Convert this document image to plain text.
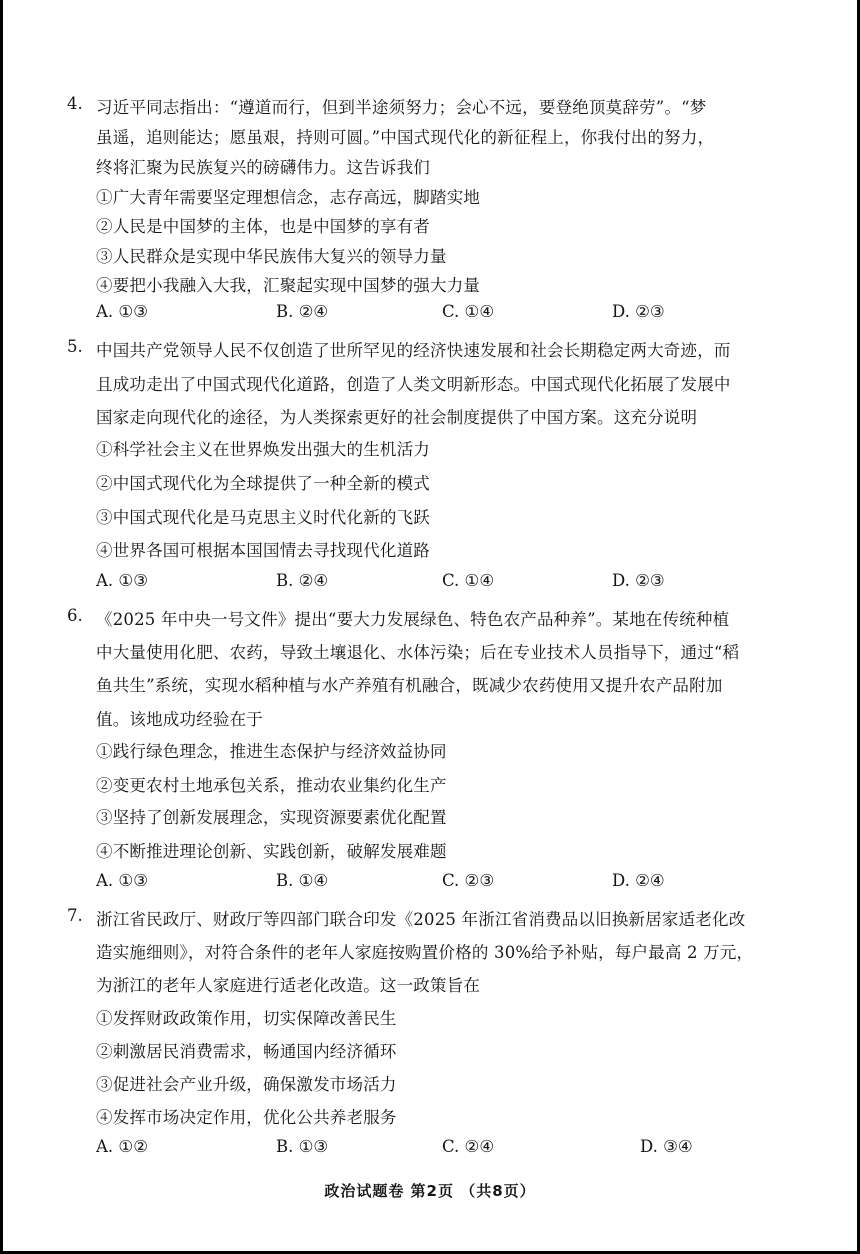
4. 习近平同志指出：“遵道而行，但到半途须努力；会心不远，要登绝顶莫辞劳”。“梦
虽遥，追则能达；愿虽艰，持则可圆。”中国式现代化的新征程上，你我付出的努力，
终将汇聚为民族复兴的磅礴伟力。这告诉我们
①广大青年需要坚定理想信念，志存高远，脚踏实地
②人民是中国梦的主体，也是中国梦的享有者
③人民群众是实现中华民族伟大复兴的领导力量
④要把小我融入大我，汇聚起实现中国梦的强大力量
A. ①③	B. ②④	C. ①④	D. ②③
5. 中国共产党领导人民不仅创造了世所罕见的经济快速发展和社会长期稳定两大奇迹，而
且成功走出了中国式现代化道路，创造了人类文明新形态。中国式现代化拓展了发展中
国家走向现代化的途径，为人类探索更好的社会制度提供了中国方案。这充分说明
①科学社会主义在世界焕发出强大的生机活力
②中国式现代化为全球提供了一种全新的模式
③中国式现代化是马克思主义时代化新的飞跃
④世界各国可根据本国国情去寻找现代化道路
A. ①③	B. ②④	C. ①④	D. ②③
6. 《2025 年中央一号文件》提出“要大力发展绿色、特色农产品种养”。某地在传统种植
中大量使用化肥、农药，导致土壤退化、水体污染；后在专业技术人员指导下，通过“稻
鱼共生”系统，实现水稻种植与水产养殖有机融合，既减少农药使用又提升农产品附加
值。该地成功经验在于
①践行绿色理念，推进生态保护与经济效益协同
②变更农村土地承包关系，推动农业集约化生产
③坚持了创新发展理念，实现资源要素优化配置
④不断推进理论创新、实践创新，破解发展难题
A. ①③	B. ①④	C. ②③	D. ②④
7. 浙江省民政厅、财政厅等四部门联合印发《2025 年浙江省消费品以旧换新居家适老化改
造实施细则》，对符合条件的老年人家庭按购置价格的 30%给予补贴，每户最高 2 万元，
为浙江的老年人家庭进行适老化改造。这一政策旨在
①发挥财政政策作用，切实保障改善民生
②刺激居民消费需求，畅通国内经济循环
③促进社会产业升级，确保激发市场活力
④发挥市场决定作用，优化公共养老服务
A. ①②	B. ①③	C. ②④	D. ③④
政治试题卷 第2页 （共8页）
